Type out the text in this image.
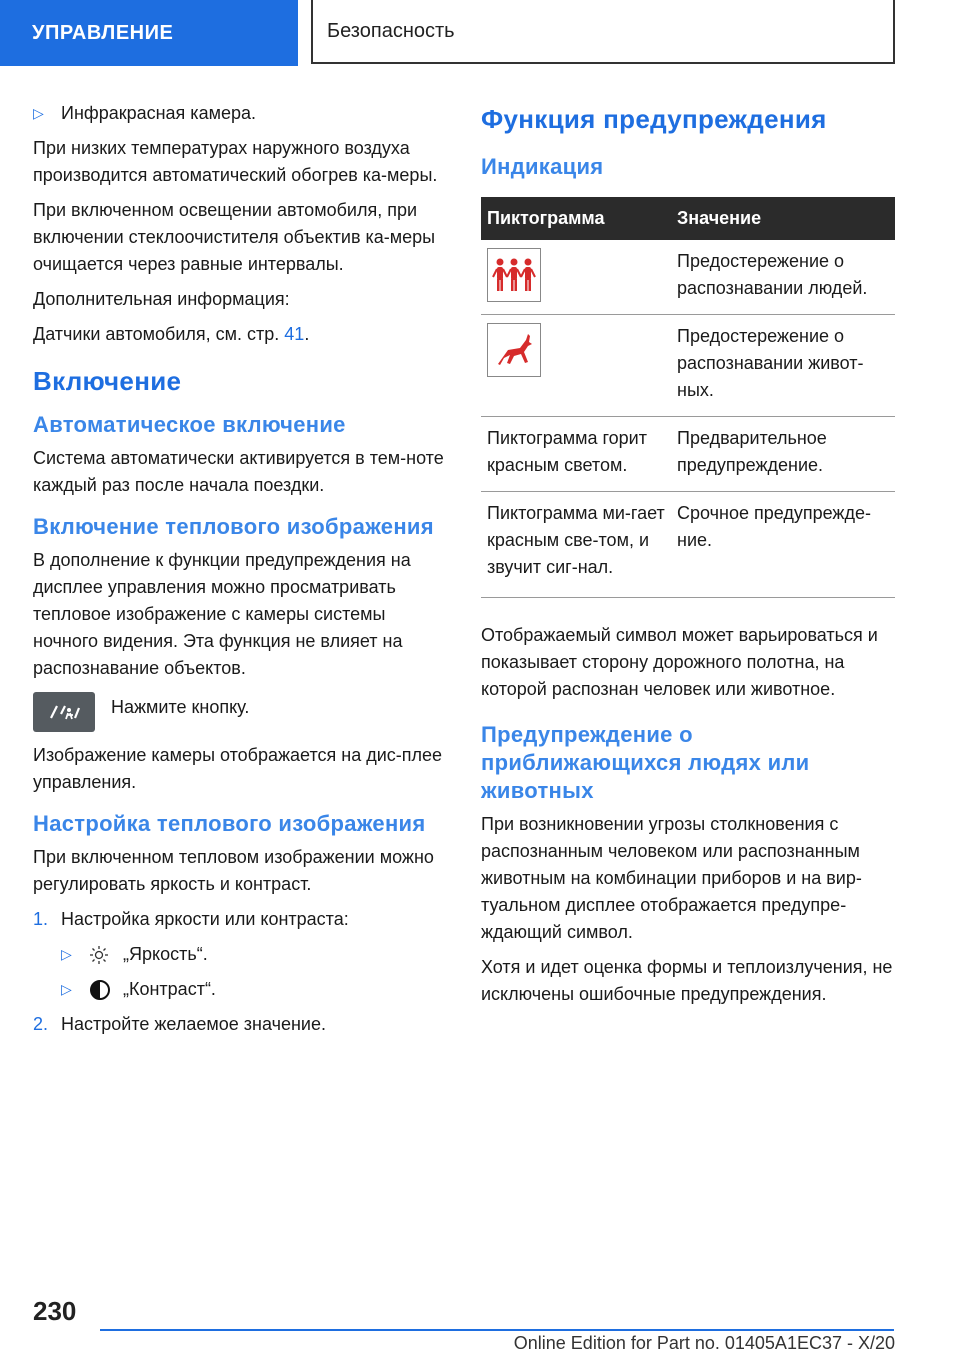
УПРАВЛЕНИЕ	Безопасность
▷ Инфракрасная камера.

При низких температурах наружного воздуха производится автоматический обогрев ка-меры.

При включенном освещении автомобиля, при включении стеклоочистителя объектив ка-меры очищается через равные интервалы.

Дополнительная информация:

Датчики автомобиля, см. стр. 41.

Включение
Автоматическое включение

Система автоматически активируется в тем-ноте каждый раз после начала поездки.

Включение теплового изображения

В дополнение к функции предупреждения на дисплее управления можно просматривать тепловое изображение с камеры системы ночного видения. Эта функция не влияет на распознавание объектов.

Нажмите кнопку.

Изображение камеры отображается на дис-плее управления.

Настройка теплового изображения

При включенном тепловом изображении можно регулировать яркость и контраст.

1. Настройка яркости или контраста:
▷	„Яркость“.
▷	„Контраст“.
2. Настройте желаемое значение.
Функция предупреждения
Индикация
Пиктограмма	Значение

	Предостережение о распознавании людей.

	Предостережение о распознавании живот-ных.
Пиктограмма горит красным светом.	Предварительное предупреждение.
Пиктограмма ми-гает красным све-том, и звучит сиг-нал.	Срочное предупрежде-ние.

Отображаемый символ может варьироваться и показывает сторону дорожного полотна, на которой распознан человек или животное.

Предупреждение о приближающихся людях или животных

При возникновении угрозы столкновения с распознанным человеком или распознанным животным на комбинации приборов и на вир-туальном дисплее отображается предупре-ждающий символ.

Хотя и идет оценка формы и теплоизлучения, не исключены ошибочные предупреждения.

230
Online Edition for Part no. 01405A1EC37 - X/20
